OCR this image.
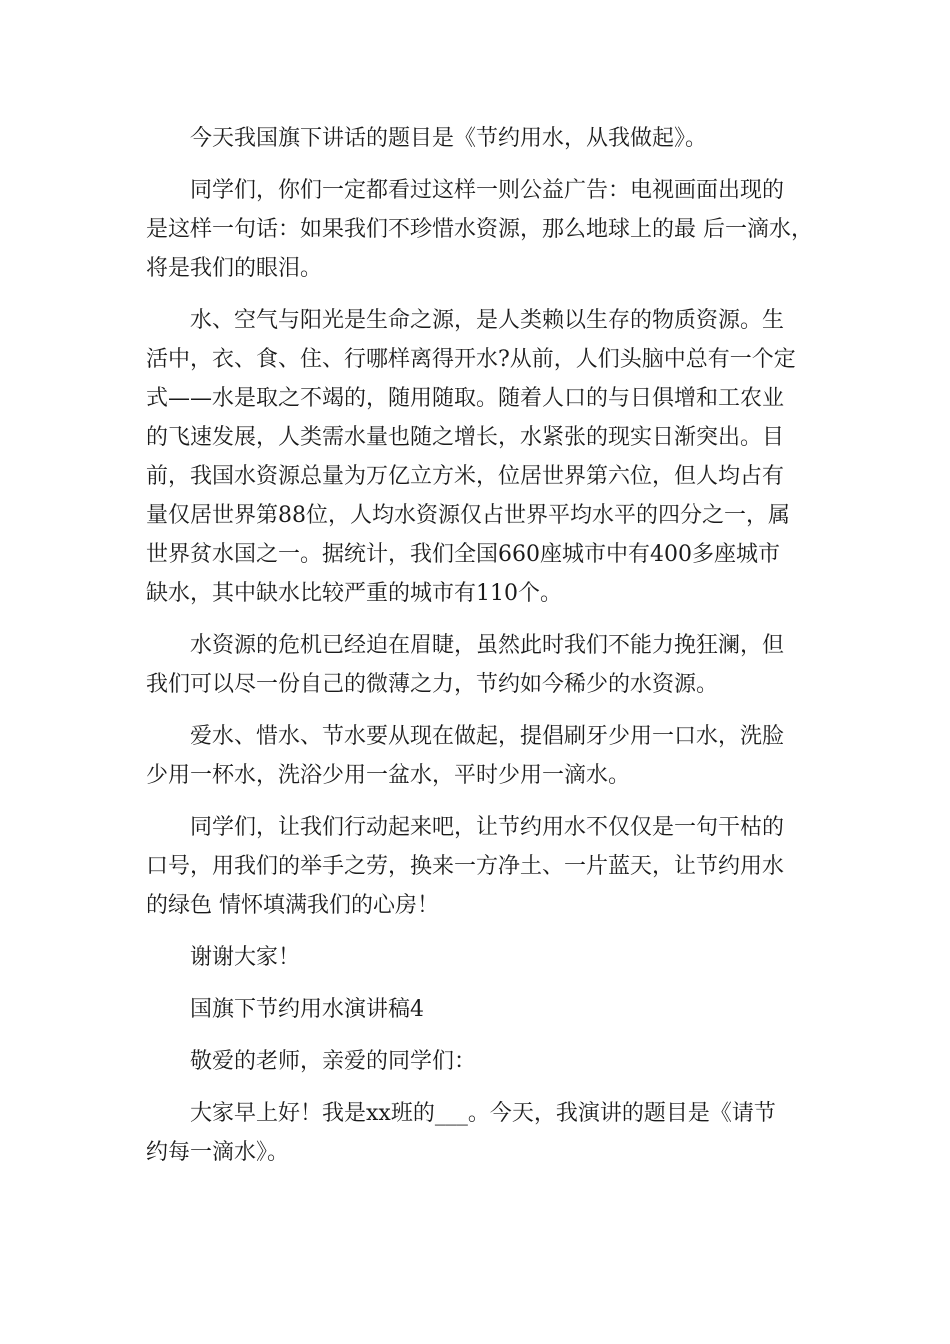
今天我国旗下讲话的题目是《节约用水，从我做起》。
同学们，你们一定都看过这样一则公益广告：电视画面出现的
是这样一句话：如果我们不珍惜水资源，那么地球上的最 后一滴水，
将是我们的眼泪。
水、空气与阳光是生命之源，是人类赖以生存的物质资源。生
活中，衣、食、住、行哪样离得开水?从前，人们头脑中总有一个定
式——水是取之不竭的，随用随取。随着人口的与日俱增和工农业
的飞速发展，人类需水量也随之增长，水紧张的现实日渐突出。目
前，我国水资源总量为万亿立方米，位居世界第六位，但人均占有
量仅居世界第88位，人均水资源仅占世界平均水平的四分之一，属
世界贫水国之一。据统计，我们全国660座城市中有400多座城市
缺水，其中缺水比较严重的城市有110个。
水资源的危机已经迫在眉睫，虽然此时我们不能力挽狂澜，但
我们可以尽一份自己的微薄之力，节约如今稀少的水资源。
爱水、惜水、节水要从现在做起，提倡刷牙少用一口水，洗脸
少用一杯水，洗浴少用一盆水，平时少用一滴水。
同学们，让我们行动起来吧，让节约用水不仅仅是一句干枯的
口号，用我们的举手之劳，换来一方净土、一片蓝天，让节约用水
的绿色 情怀填满我们的心房！
谢谢大家！
国旗下节约用水演讲稿4
敬爱的老师，亲爱的同学们：
大家早上好！我是xx班的___。今天，我演讲的题目是《请节
约每一滴水》。
